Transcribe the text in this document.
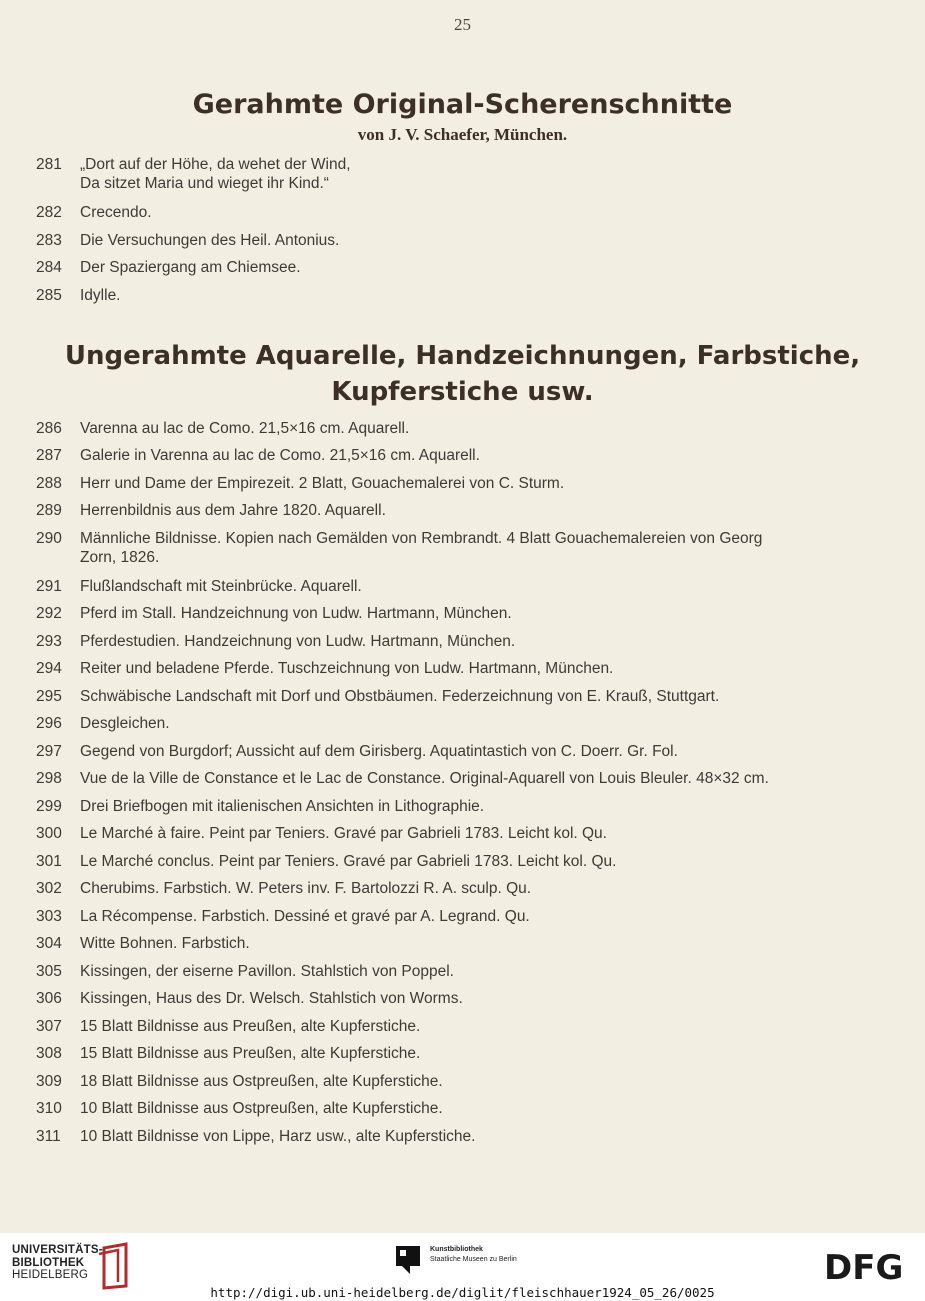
25
Gerahmte Original-Scherenschnitte
von J. V. Schaefer, München.
281	„Dort auf der Höhe, da wehet der Wind,
Da sitzet Maria und wieget ihr Kind.“
282	Crecendo.
283	Die Versuchungen des Heil. Antonius.
284	Der Spaziergang am Chiemsee.
285	Idylle.
Ungerahmte Aquarelle, Handzeichnungen, Farbstiche,
Kupferstiche usw.
286	Varenna au lac de Como. 21,5×16 cm. Aquarell.
287	Galerie in Varenna au lac de Como. 21,5×16 cm. Aquarell.
288	Herr und Dame der Empirezeit. 2 Blatt, Gouachemalerei von C. Sturm.
289	Herrenbildnis aus dem Jahre 1820. Aquarell.
290	Männliche Bildnisse. Kopien nach Gemälden von Rembrandt. 4 Blatt Gouachemalereien von Georg
Zorn, 1826.
291	Flußlandschaft mit Steinbrücke. Aquarell.
292	Pferd im Stall. Handzeichnung von Ludw. Hartmann, München.
293	Pferdestudien. Handzeichnung von Ludw. Hartmann, München.
294	Reiter und beladene Pferde. Tuschzeichnung von Ludw. Hartmann, München.
295	Schwäbische Landschaft mit Dorf und Obstbäumen. Federzeichnung von E. Krauß, Stuttgart.
296	Desgleichen.
297	Gegend von Burgdorf; Aussicht auf dem Girisberg. Aquatintastich von C. Doerr. Gr. Fol.
298	Vue de la Ville de Constance et le Lac de Constance. Original-Aquarell von Louis Bleuler. 48×32 cm.
299	Drei Briefbogen mit italienischen Ansichten in Lithographie.
300	Le Marché à faire. Peint par Teniers. Gravé par Gabrieli 1783. Leicht kol. Qu.
301	Le Marché conclus. Peint par Teniers. Gravé par Gabrieli 1783. Leicht kol. Qu.
302	Cherubims. Farbstich. W. Peters inv. F. Bartolozzi R. A. sculp. Qu.
303	La Récompense. Farbstich. Dessiné et gravé par A. Legrand. Qu.
304	Witte Bohnen. Farbstich.
305	Kissingen, der eiserne Pavillon. Stahlstich von Poppel.
306	Kissingen, Haus des Dr. Welsch. Stahlstich von Worms.
307	15 Blatt Bildnisse aus Preußen, alte Kupferstiche.
308	15 Blatt Bildnisse aus Preußen, alte Kupferstiche.
309	18 Blatt Bildnisse aus Ostpreußen, alte Kupferstiche.
310	10 Blatt Bildnisse aus Ostpreußen, alte Kupferstiche.
311	10 Blatt Bildnisse von Lippe, Harz usw., alte Kupferstiche.
UNIVERSITÄTS-
BIBLIOTHEK
HEIDELBERG
Kunstbibliothek
Staatliche Museen zu Berlin	DFG
http://digi.ub.uni-heidelberg.de/diglit/fleischhauer1924_05_26/0025
